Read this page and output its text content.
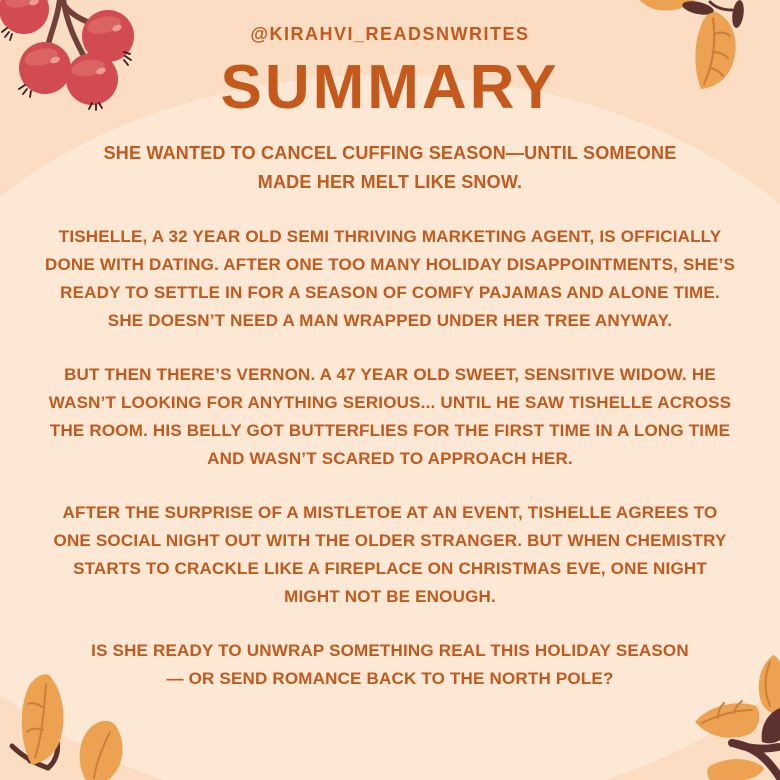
@KIRAHVI_READSNWRITES
SUMMARY

SHE WANTED TO CANCEL CUFFING SEASON—UNTIL SOMEONE MADE HER MELT LIKE SNOW.

TISHELLE, A 32 YEAR OLD SEMI THRIVING MARKETING AGENT, IS OFFICIALLY DONE WITH DATING. AFTER ONE TOO MANY HOLIDAY DISAPPOINTMENTS, SHE’S READY TO SETTLE IN FOR A SEASON OF COMFY PAJAMAS AND ALONE TIME. SHE DOESN’T NEED A MAN WRAPPED UNDER HER TREE ANYWAY.

BUT THEN THERE’S VERNON. A 47 YEAR OLD SWEET, SENSITIVE WIDOW. HE WASN’T LOOKING FOR ANYTHING SERIOUS... UNTIL HE SAW TISHELLE ACROSS THE ROOM. HIS BELLY GOT BUTTERFLIES FOR THE FIRST TIME IN A LONG TIME AND WASN’T SCARED TO APPROACH HER.

AFTER THE SURPRISE OF A MISTLETOE AT AN EVENT, TISHELLE AGREES TO ONE SOCIAL NIGHT OUT WITH THE OLDER STRANGER. BUT WHEN CHEMISTRY STARTS TO CRACKLE LIKE A FIREPLACE ON CHRISTMAS EVE, ONE NIGHT MIGHT NOT BE ENOUGH.

IS SHE READY TO UNWRAP SOMETHING REAL THIS HOLIDAY SEASON — OR SEND ROMANCE BACK TO THE NORTH POLE?
